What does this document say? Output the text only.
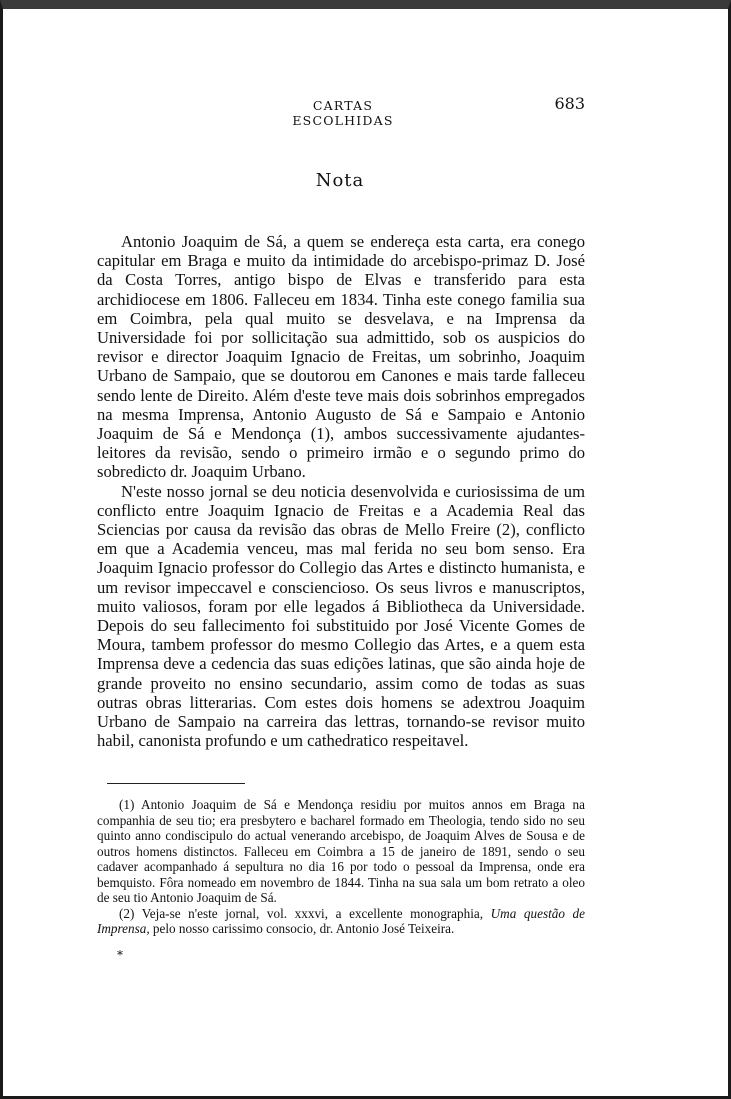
CARTAS ESCOLHIDAS
683
Nota

Antonio Joaquim de Sá, a quem se endereça esta carta, era conego capitular em Braga e muito da intimidade do arcebispo-primaz D. José da Costa Torres, antigo bispo de Elvas e transferido para esta archidiocese em 1806. Falleceu em 1834. Tinha este conego familia sua em Coimbra, pela qual muito se desvelava, e na Imprensa da Universidade foi por sollicitação sua admittido, sob os auspicios do revisor e director Joaquim Ignacio de Freitas, um sobrinho, Joaquim Urbano de Sampaio, que se doutorou em Canones e mais tarde falleceu sendo lente de Direito. Além d'este teve mais dois sobrinhos empregados na mesma Imprensa, Antonio Augusto de Sá e Sampaio e Antonio Joaquim de Sá e Mendonça (1), ambos successivamente ajudantes-leitores da revisão, sendo o primeiro irmão e o segundo primo do sobredicto dr. Joaquim Urbano.

N'este nosso jornal se deu noticia desenvolvida e curiosissima de um conflicto entre Joaquim Ignacio de Freitas e a Academia Real das Sciencias por causa da revisão das obras de Mello Freire (2), conflicto em que a Academia venceu, mas mal ferida no seu bom senso. Era Joaquim Ignacio professor do Collegio das Artes e distincto humanista, e um revisor impeccavel e consciencioso. Os seus livros e manuscriptos, muito valiosos, foram por elle legados á Bibliotheca da Universidade. Depois do seu fallecimento foi substituido por José Vicente Gomes de Moura, tambem professor do mesmo Collegio das Artes, e a quem esta Imprensa deve a cedencia das suas edições latinas, que são ainda hoje de grande proveito no ensino secundario, assim como de todas as suas outras obras litterarias. Com estes dois homens se adextrou Joaquim Urbano de Sampaio na carreira das lettras, tornando-se revisor muito habil, canonista profundo e um cathedratico respeitavel.

(1) Antonio Joaquim de Sá e Mendonça residiu por muitos annos em Braga na companhia de seu tio; era presbytero e bacharel formado em Theologia, tendo sido no seu quinto anno condiscipulo do actual venerando arcebispo, de Joaquim Alves de Sousa e de outros homens distinctos. Falleceu em Coimbra a 15 de janeiro de 1891, sendo o seu cadaver acompanhado á sepultura no dia 16 por todo o pessoal da Imprensa, onde era bemquisto. Fôra nomeado em novembro de 1844. Tinha na sua sala um bom retrato a oleo de seu tio Antonio Joaquim de Sá.

(2) Veja-se n'este jornal, vol. xxxvi, a excellente monographia, Uma questão de Imprensa, pelo nosso carissimo consocio, dr. Antonio José Teixeira.

*
